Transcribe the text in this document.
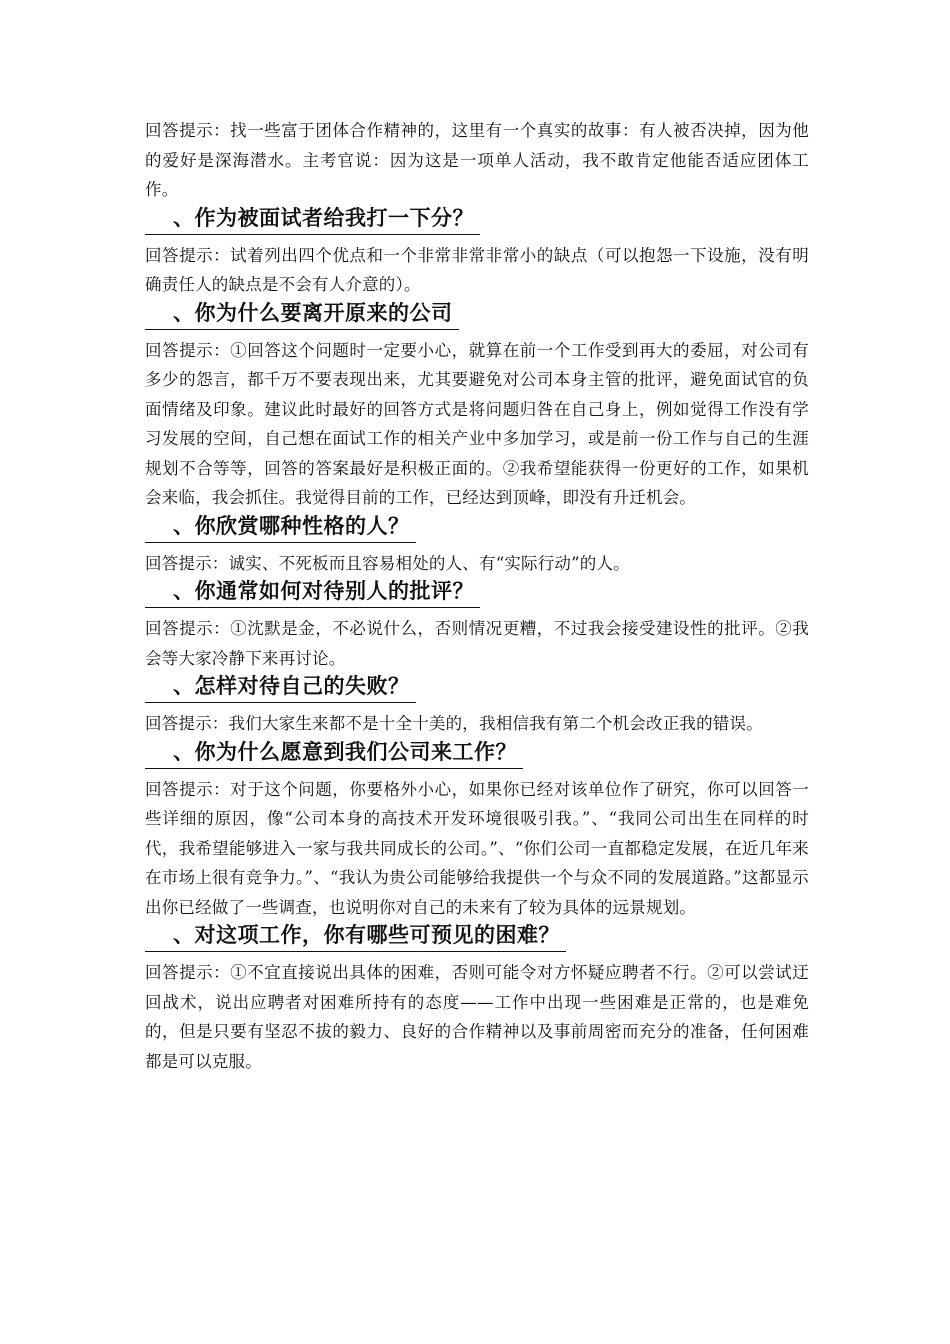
回答提示：找一些富于团体合作精神的，这里有一个真实的故事：有人被否决掉，因为他的爱好是深海潜水。主考官说：因为这是一项单人活动，我不敢肯定他能否适应团体工作。

、作为被面试者给我打一下分？

回答提示：试着列出四个优点和一个非常非常非常小的缺点（可以抱怨一下设施，没有明确责任人的缺点是不会有人介意的）。

、你为什么要离开原来的公司

回答提示：①回答这个问题时一定要小心，就算在前一个工作受到再大的委屈，对公司有多少的怨言，都千万不要表现出来，尤其要避免对公司本身主管的批评，避免面试官的负面情绪及印象。建议此时最好的回答方式是将问题归咎在自己身上，例如觉得工作没有学习发展的空间，自己想在面试工作的相关产业中多加学习，或是前一份工作与自己的生涯规划不合等等，回答的答案最好是积极正面的。②我希望能获得一份更好的工作，如果机会来临，我会抓住。我觉得目前的工作，已经达到顶峰，即没有升迁机会。

、你欣赏哪种性格的人？

回答提示：诚实、不死板而且容易相处的人、有“实际行动”的人。

、你通常如何对待别人的批评？

回答提示：①沈默是金，不必说什么，否则情况更糟，不过我会接受建设性的批评。②我会等大家冷静下来再讨论。

、怎样对待自己的失败？

回答提示：我们大家生来都不是十全十美的，我相信我有第二个机会改正我的错误。

、你为什么愿意到我们公司来工作？

回答提示：对于这个问题，你要格外小心，如果你已经对该单位作了研究，你可以回答一些详细的原因，像“公司本身的高技术开发环境很吸引我。”、“我同公司出生在同样的时代，我希望能够进入一家与我共同成长的公司。”、“你们公司一直都稳定发展，在近几年来在市场上很有竞争力。”、“我认为贵公司能够给我提供一个与众不同的发展道路。”这都显示出你已经做了一些调查，也说明你对自己的未来有了较为具体的远景规划。

、对这项工作，你有哪些可预见的困难？

回答提示：①不宜直接说出具体的困难，否则可能令对方怀疑应聘者不行。②可以尝试迂回战术，说出应聘者对困难所持有的态度——工作中出现一些困难是正常的，也是难免的，但是只要有坚忍不拔的毅力、良好的合作精神以及事前周密而充分的准备，任何困难都是可以克服。
